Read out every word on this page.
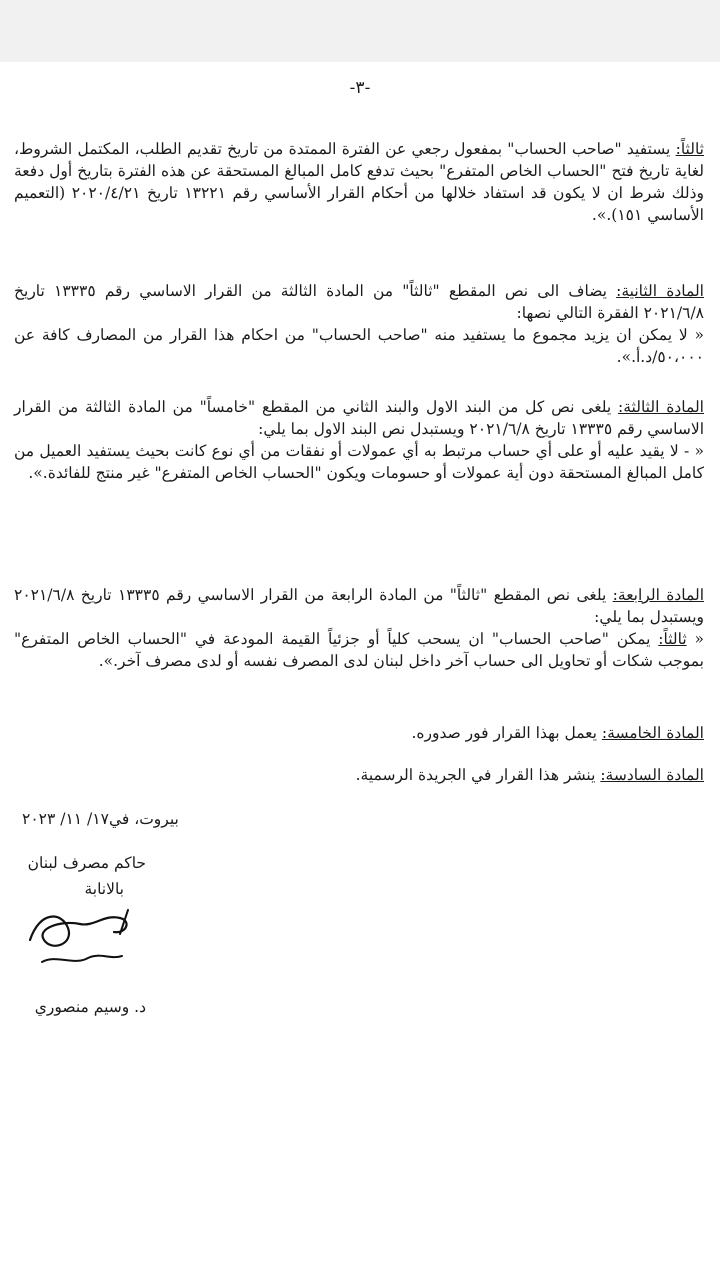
-٣-
ثالثاً: يستفيد "صاحب الحساب" بمفعول رجعي عن الفترة الممتدة من تاريخ تقديم الطلب، المكتمل الشروط، لغاية تاريخ فتح "الحساب الخاص المتفرع" بحيث تدفع كامل المبالغ المستحقة عن هذه الفترة بتاريخ أول دفعة وذلك شرط ان لا يكون قد استفاد خلالها من أحكام القرار الأساسي رقم ١٣٢٢١ تاريخ ٢٠٢٠/٤/٢١ (التعميم الأساسي ١٥١).».
المادة الثانية: يضاف الى نص المقطع "ثالثاً" من المادة الثالثة من القرار الاساسي رقم ١٣٣٣٥ تاريخ ٢٠٢١/٦/٨ الفقرة التالي نصها:
« لا يمكن ان يزيد مجموع ما يستفيد منه "صاحب الحساب" من احكام هذا القرار من المصارف كافة عن ٥٠،٠٠٠/د.أ.».
المادة الثالثة: يلغى نص كل من البند الاول والبند الثاني من المقطع "خامساً" من المادة الثالثة من القرار الاساسي رقم ١٣٣٣٥ تاريخ ٢٠٢١/٦/٨ ويستبدل نص البند الاول بما يلي:
« - لا يقيد عليه أو على أي حساب مرتبط به أي عمولات أو نفقات من أي نوع كانت بحيث يستفيد العميل من كامل المبالغ المستحقة دون أية عمولات أو حسومات ويكون "الحساب الخاص المتفرع" غير منتج للفائدة.».
المادة الرابعة: يلغى نص المقطع "ثالثاً" من المادة الرابعة من القرار الاساسي رقم ١٣٣٣٥ تاريخ ٢٠٢١/٦/٨ ويستبدل بما يلي:
« ثالثاً: يمكن "صاحب الحساب" ان يسحب كلياً أو جزئياً القيمة المودعة في "الحساب الخاص المتفرع" بموجب شكات أو تحاويل الى حساب آخر داخل لبنان لدى المصرف نفسه أو لدى مصرف آخر.».
المادة الخامسة: يعمل بهذا القرار فور صدوره.
المادة السادسة: ينشر هذا القرار في الجريدة الرسمية.
بيروت، في١٧/ ١١/ ٢٠٢٣
حاكم مصرف لبنان
بالانابة
د. وسيم منصوري
